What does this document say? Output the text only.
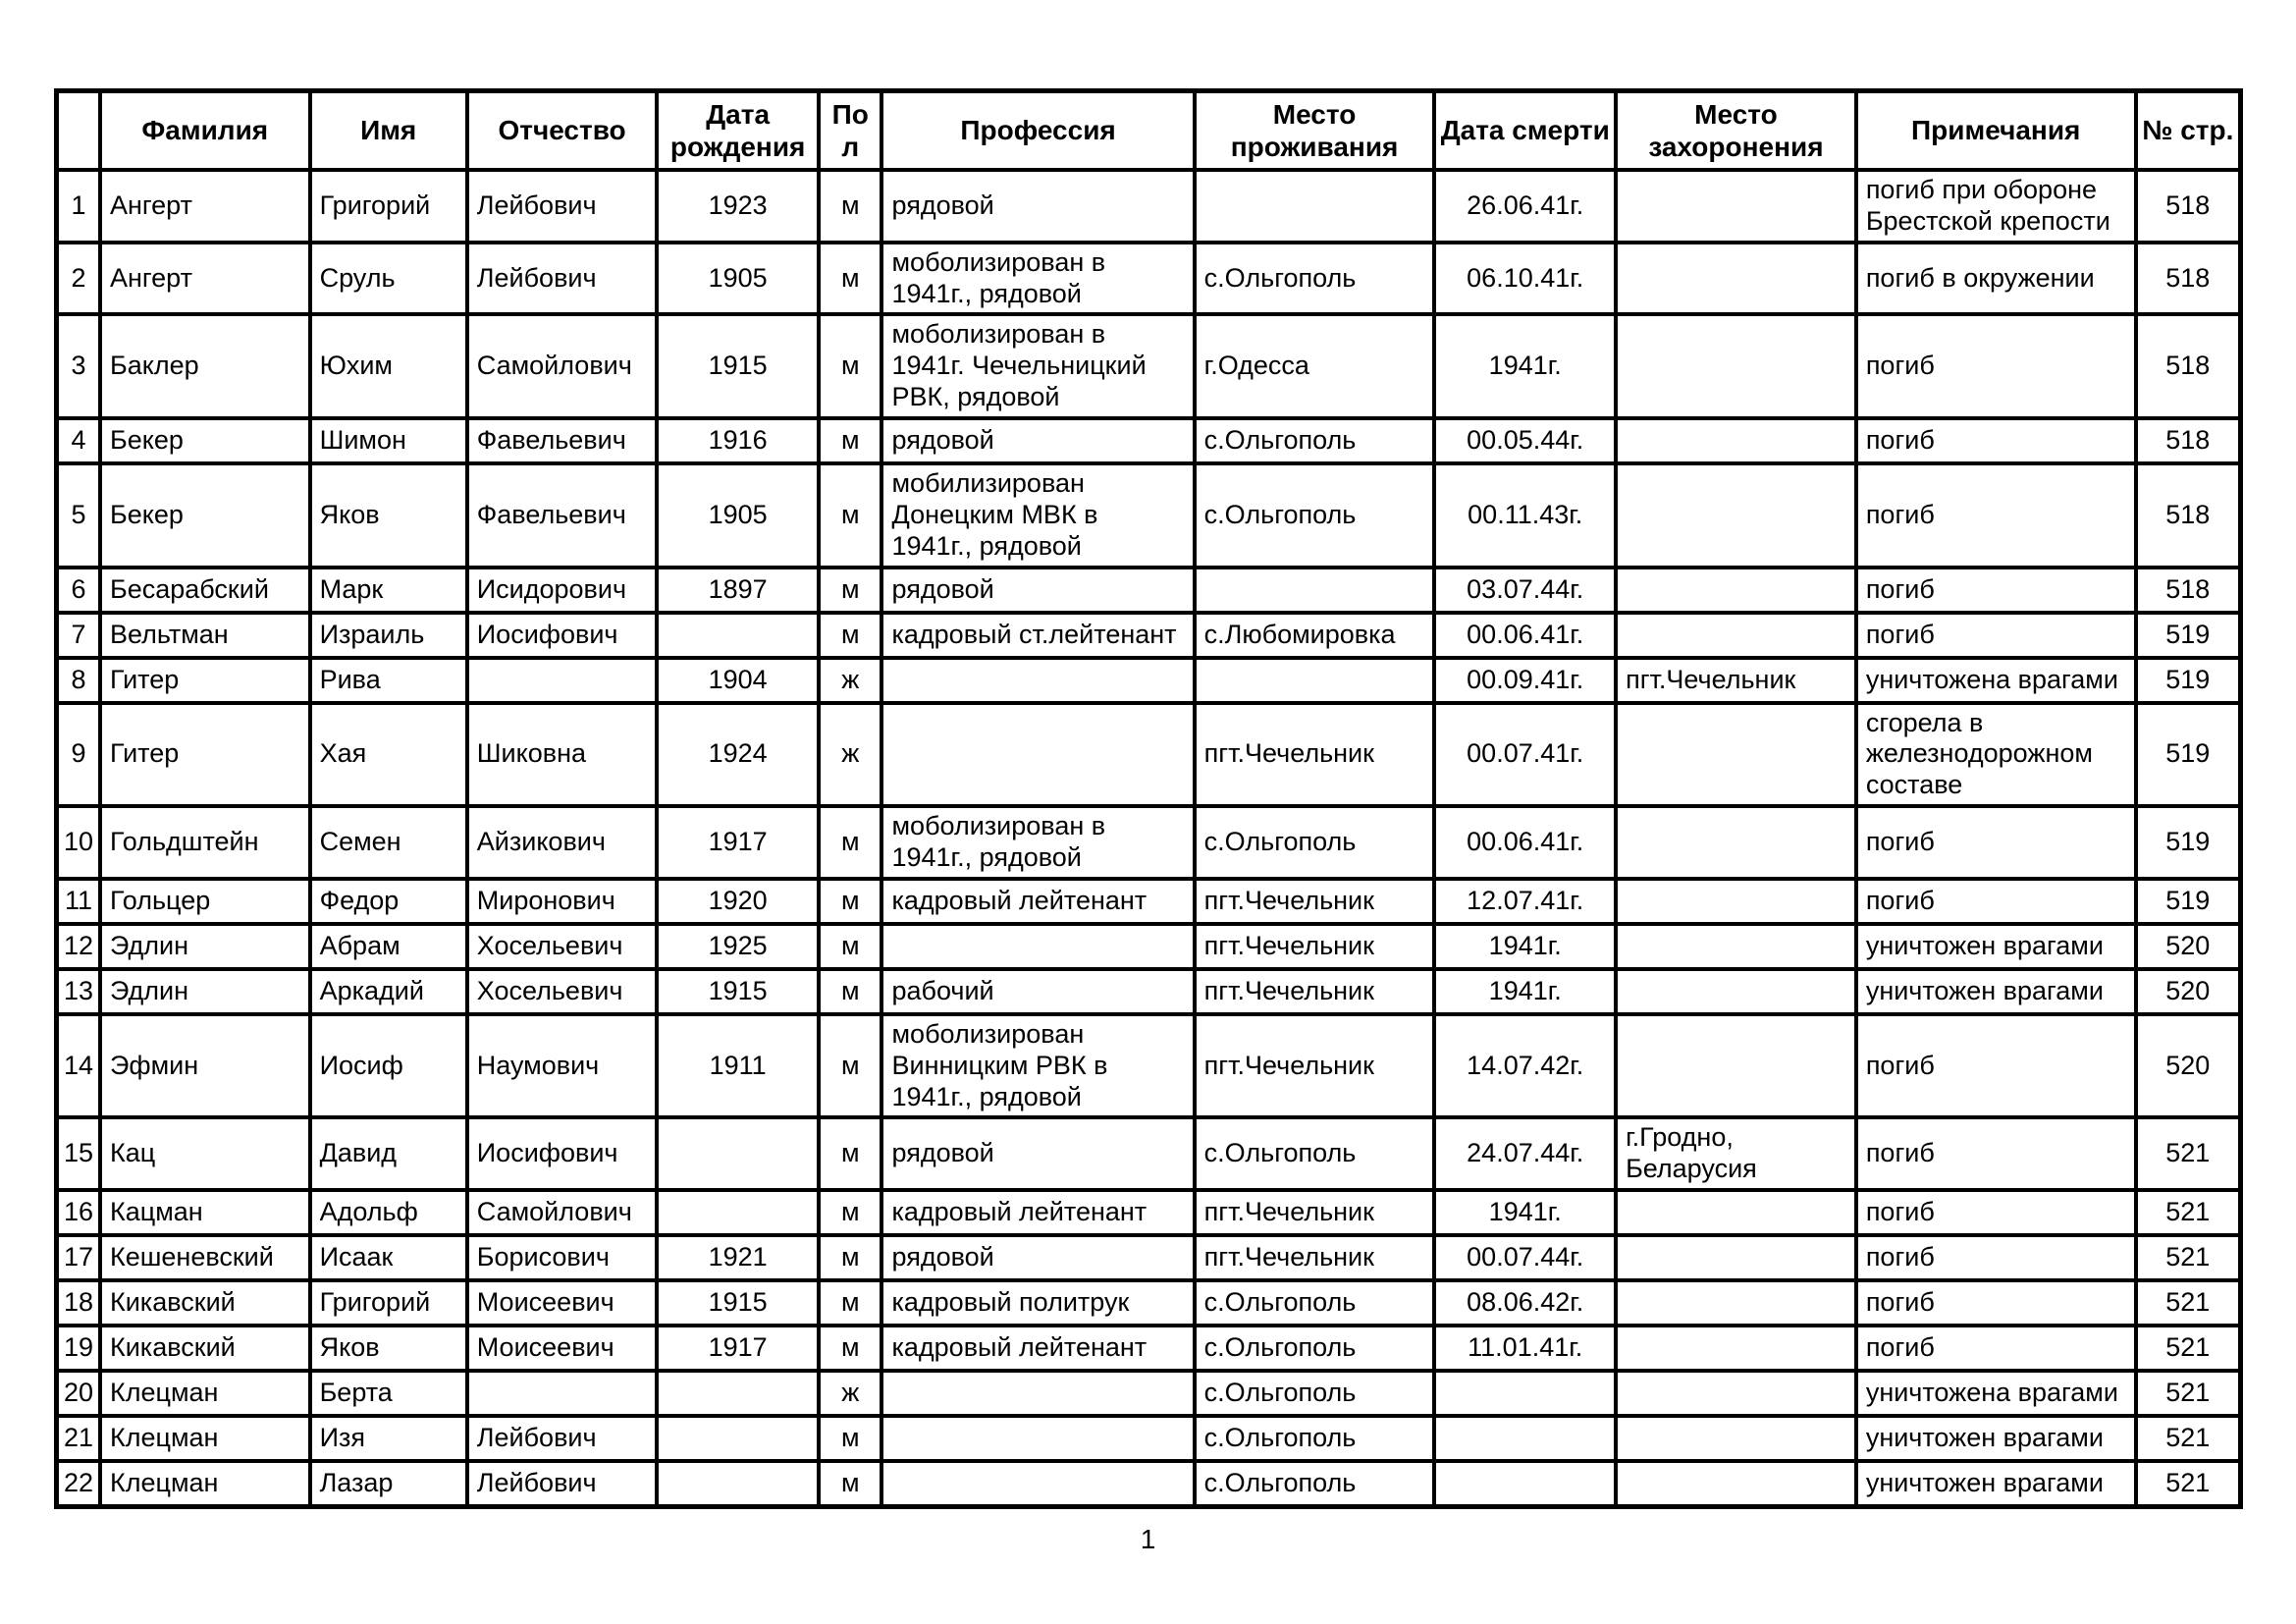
	Фамилия	Имя	Отчество	Дата рождения	Пол	Профессия	Место проживания	Дата смерти	Место захоронения	Примечания	№ стр.
1	Ангерт	Григорий	Лейбович	1923	м	рядовой		26.06.41г.		погиб при обороне Брестской крепости	518
2	Ангерт	Сруль	Лейбович	1905	м	моболизирован в 1941г., рядовой	с.Ольгополь	06.10.41г.		погиб в окружении	518
3	Баклер	Юхим	Самойлович	1915	м	моболизирован в 1941г. Чечельницкий РВК, рядовой	г.Одесса	1941г.		погиб	518
4	Бекер	Шимон	Фавельевич	1916	м	рядовой	с.Ольгополь	00.05.44г.		погиб	518
5	Бекер	Яков	Фавельевич	1905	м	мобилизирован Донецким МВК в 1941г., рядовой	с.Ольгополь	00.11.43г.		погиб	518
6	Бесарабский	Марк	Исидорович	1897	м	рядовой		03.07.44г.		погиб	518
7	Вельтман	Израиль	Иосифович		м	кадровый ст.лейтенант	с.Любомировка	00.06.41г.		погиб	519
8	Гитер	Рива		1904	ж			00.09.41г.	пгт.Чечельник	уничтожена врагами	519
9	Гитер	Хая	Шиковна	1924	ж		пгт.Чечельник	00.07.41г.		сгорела в железнодорожном составе	519
10	Гольдштейн	Семен	Айзикович	1917	м	моболизирован в 1941г., рядовой	с.Ольгополь	00.06.41г.		погиб	519
11	Гольцер	Федор	Миронович	1920	м	кадровый лейтенант	пгт.Чечельник	12.07.41г.		погиб	519
12	Эдлин	Абрам	Хосельевич	1925	м		пгт.Чечельник	1941г.		уничтожен врагами	520
13	Эдлин	Аркадий	Хосельевич	1915	м	рабочий	пгт.Чечельник	1941г.		уничтожен врагами	520
14	Эфмин	Иосиф	Наумович	1911	м	моболизирован Винницким РВК в 1941г., рядовой	пгт.Чечельник	14.07.42г.		погиб	520
15	Кац	Давид	Иосифович		м	рядовой	с.Ольгополь	24.07.44г.	г.Гродно, Беларусия	погиб	521
16	Кацман	Адольф	Самойлович		м	кадровый лейтенант	пгт.Чечельник	1941г.		погиб	521
17	Кешеневский	Исаак	Борисович	1921	м	рядовой	пгт.Чечельник	00.07.44г.		погиб	521
18	Кикавский	Григорий	Моисеевич	1915	м	кадровый политрук	с.Ольгополь	08.06.42г.		погиб	521
19	Кикавский	Яков	Моисеевич	1917	м	кадровый лейтенант	с.Ольгополь	11.01.41г.		погиб	521
20	Клецман	Берта			ж		с.Ольгополь			уничтожена врагами	521
21	Клецман	Изя	Лейбович		м		с.Ольгополь			уничтожен врагами	521
22	Клецман	Лазар	Лейбович		м		с.Ольгополь			уничтожен врагами	521
1
